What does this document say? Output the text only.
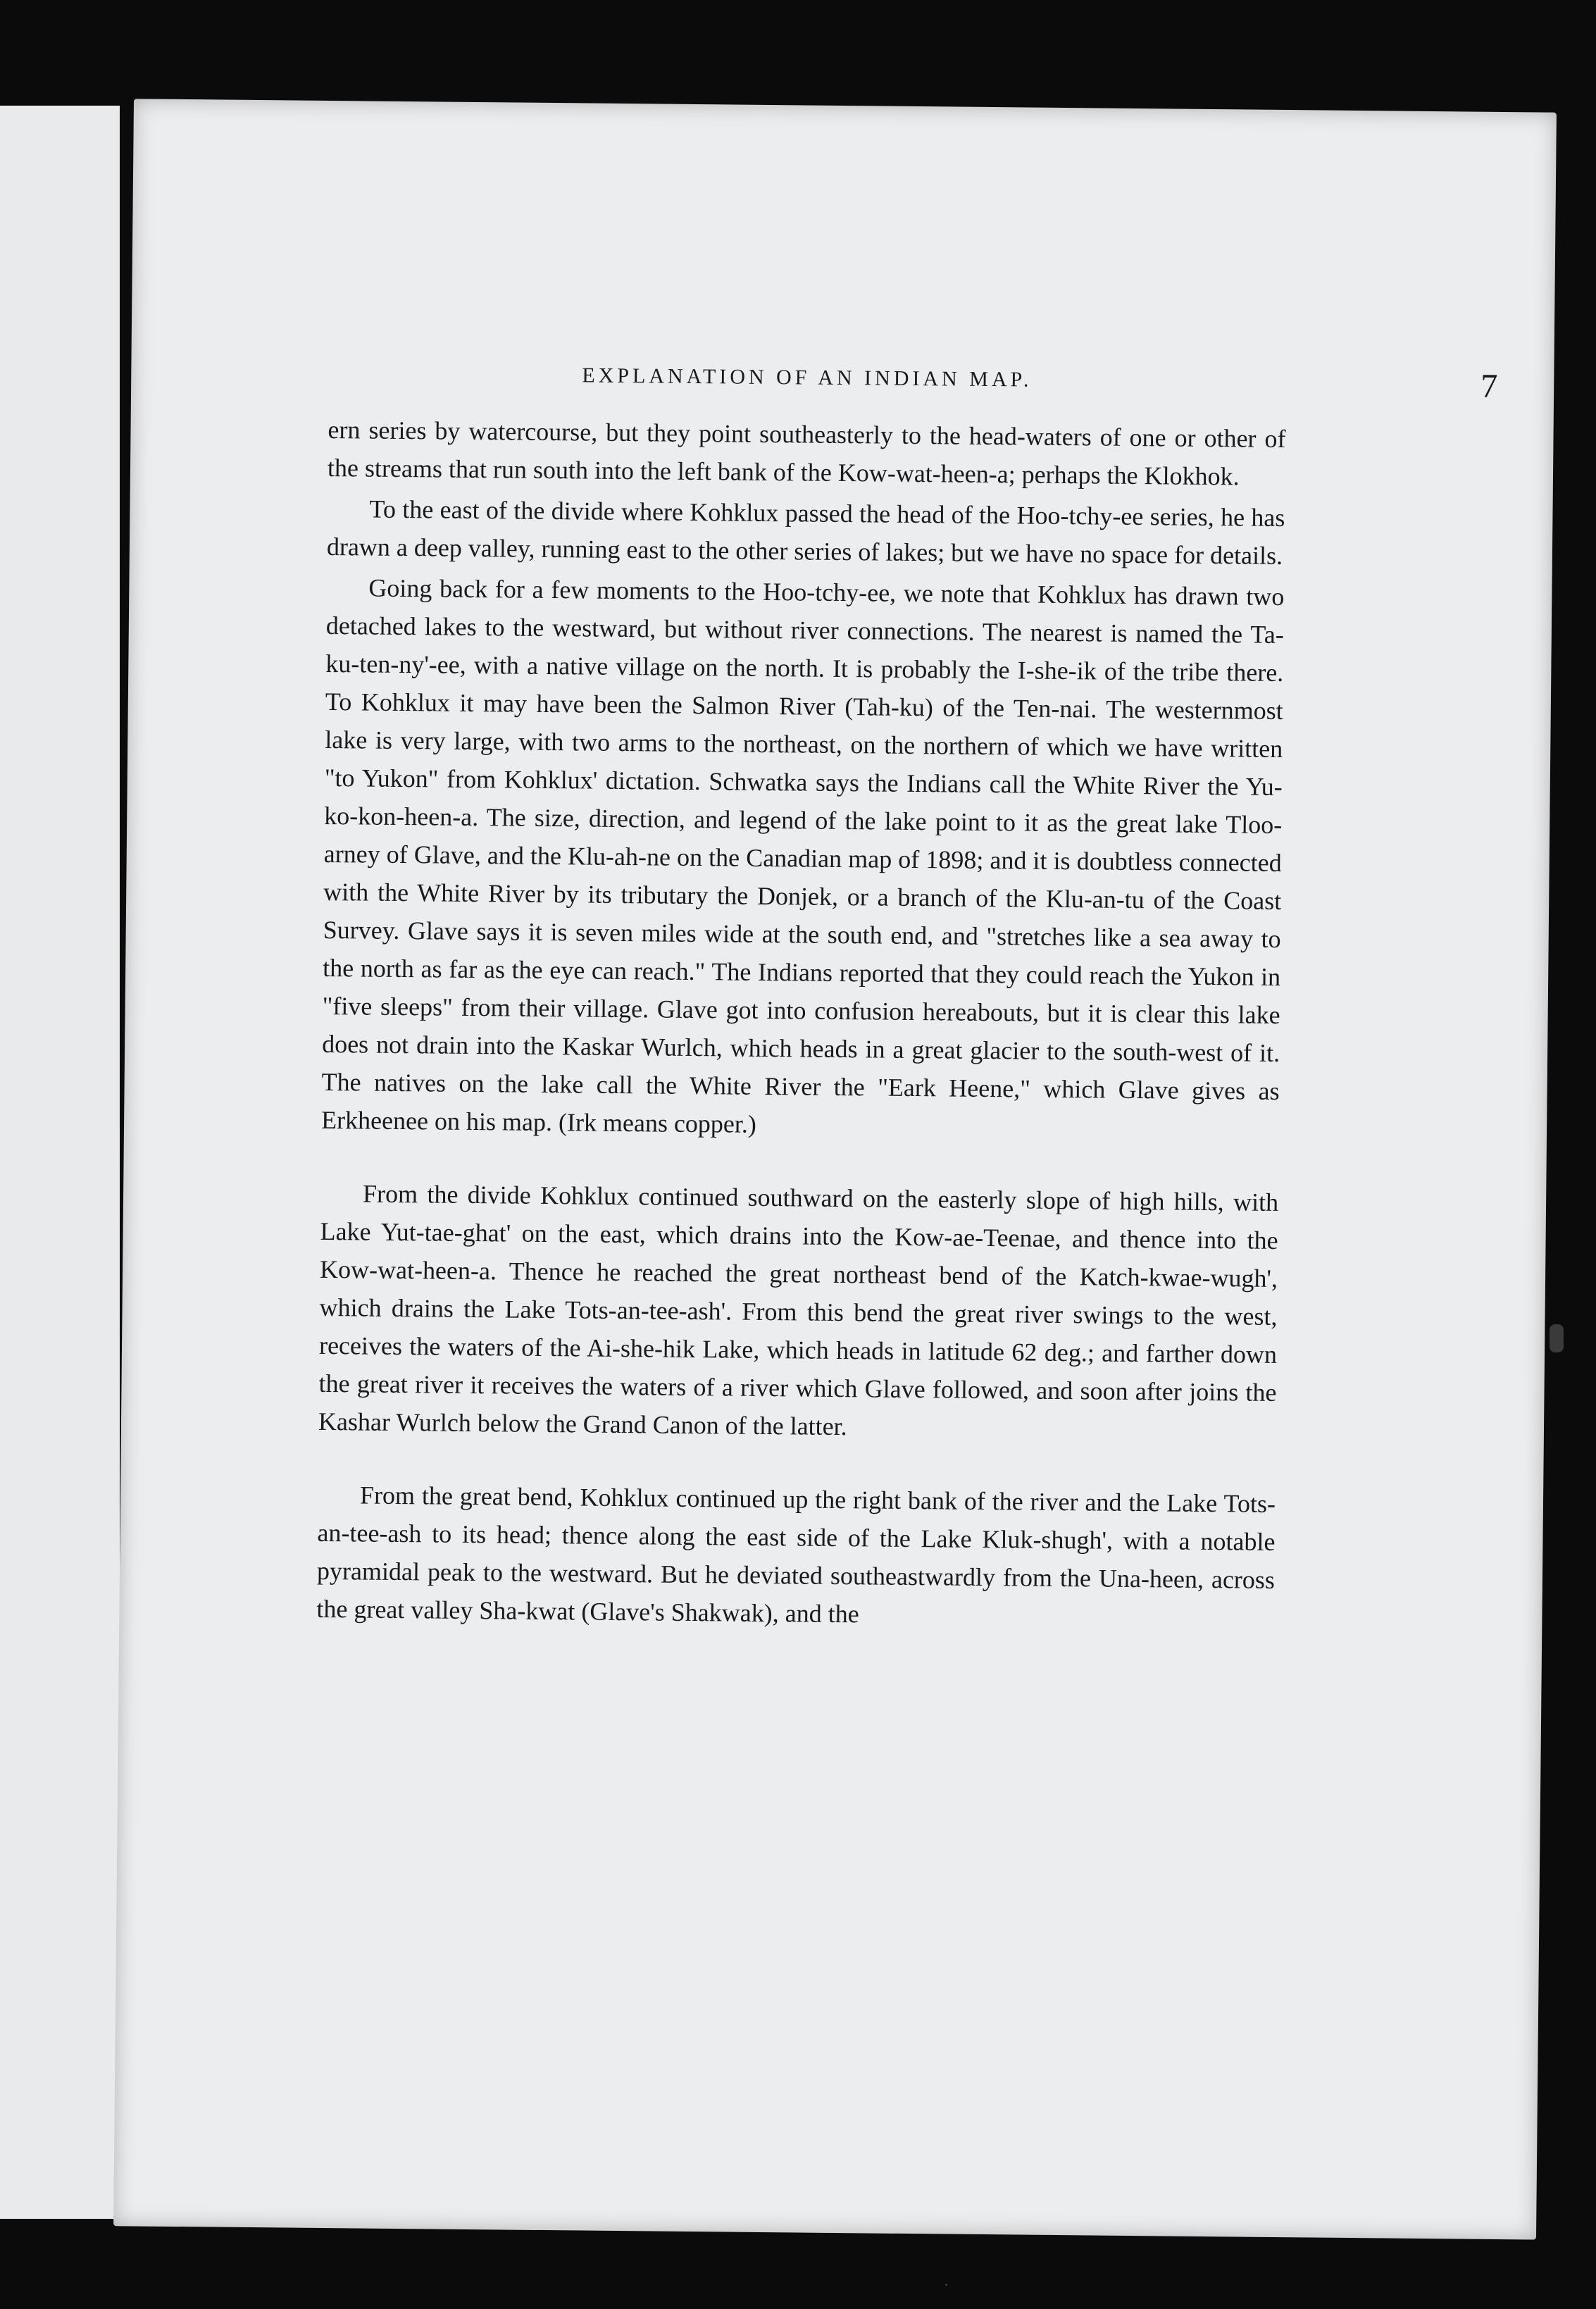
EXPLANATION OF AN INDIAN MAP.	7

ern series by watercourse, but they point southeasterly to the head-waters of one or other of the streams that run south into the left bank of the Kow-wat-heen-a; perhaps the Klokhok.

To the east of the divide where Kohklux passed the head of the Hoo-tchy-ee series, he has drawn a deep valley, running east to the other series of lakes; but we have no space for details.

Going back for a few moments to the Hoo-tchy-ee, we note that Kohklux has drawn two detached lakes to the westward, but without river connections. The nearest is named the Ta-ku-ten-ny'-ee, with a native village on the north. It is probably the I-she-ik of the tribe there. To Kohklux it may have been the Salmon River (Tah-ku) of the Ten-nai. The westernmost lake is very large, with two arms to the northeast, on the northern of which we have written "to Yukon" from Kohklux' dictation. Schwatka says the Indians call the White River the Yu-ko-kon-heen-a. The size, direction, and legend of the lake point to it as the great lake Tloo-arney of Glave, and the Klu-ah-ne on the Canadian map of 1898; and it is doubtless connected with the White River by its tributary the Donjek, or a branch of the Klu-an-tu of the Coast Survey. Glave says it is seven miles wide at the south end, and "stretches like a sea away to the north as far as the eye can reach." The Indians reported that they could reach the Yukon in "five sleeps" from their village. Glave got into confusion hereabouts, but it is clear this lake does not drain into the Kaskar Wurlch, which heads in a great glacier to the south-west of it. The natives on the lake call the White River the "Eark Heene," which Glave gives as Erkheenee on his map. (Irk means copper.)

From the divide Kohklux continued southward on the easterly slope of high hills, with Lake Yut-tae-ghat' on the east, which drains into the Kow-ae-Teenae, and thence into the Kow-wat-heen-a. Thence he reached the great northeast bend of the Katch-kwae-wugh', which drains the Lake Tots-an-tee-ash'. From this bend the great river swings to the west, receives the waters of the Ai-she-hik Lake, which heads in latitude 62 deg.; and farther down the great river it receives the waters of a river which Glave followed, and soon after joins the Kashar Wurlch below the Grand Canon of the latter.

From the great bend, Kohklux continued up the right bank of the river and the Lake Tots-an-tee-ash to its head; thence along the east side of the Lake Kluk-shugh', with a notable pyramidal peak to the westward. But he deviated southeastwardly from the Una-heen, across the great valley Sha-kwat (Glave's Shakwak), and the

·
